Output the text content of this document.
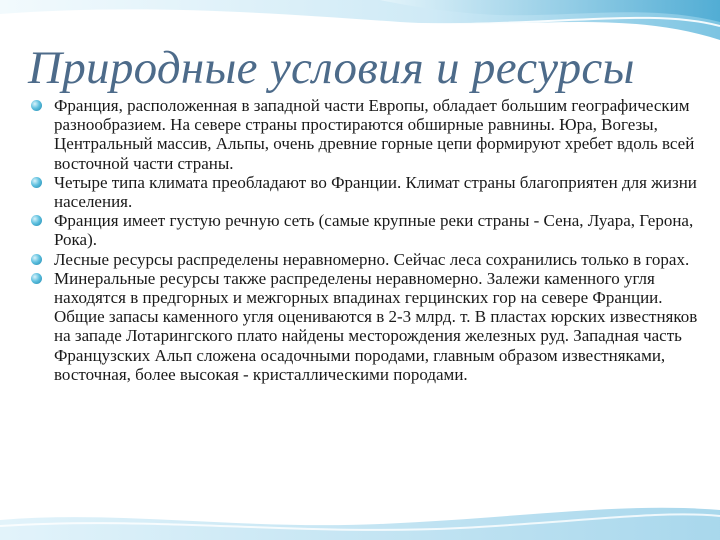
Природные условия и ресурсы
Франция, расположенная в западной части Европы, обладает большим географическим разнообразием. На севере страны простираются обширные равнины. Юра, Вогезы, Центральный массив, Альпы, очень древние горные цепи формируют хребет вдоль всей восточной части страны.
Четыре типа климата преобладают во Франции. Климат страны благоприятен для жизни населения.
Франция имеет густую речную сеть (самые крупные реки страны - Сена, Луара, Герона, Рока).
Лесные ресурсы распределены неравномерно. Сейчас леса сохранились только в горах.
Минеральные ресурсы также распределены неравномерно. Залежи каменного угля находятся в предгорных и межгорных впадинах герцинских гор на севере Франции. Общие запасы каменного угля оцениваются в 2-3 млрд. т. В пластах юрских известняков на западе Лотарингского плато найдены месторождения железных руд. Западная часть Французских Альп сложена осадочными породами, главным образом известняками, восточная, более высокая - кристаллическими породами.
